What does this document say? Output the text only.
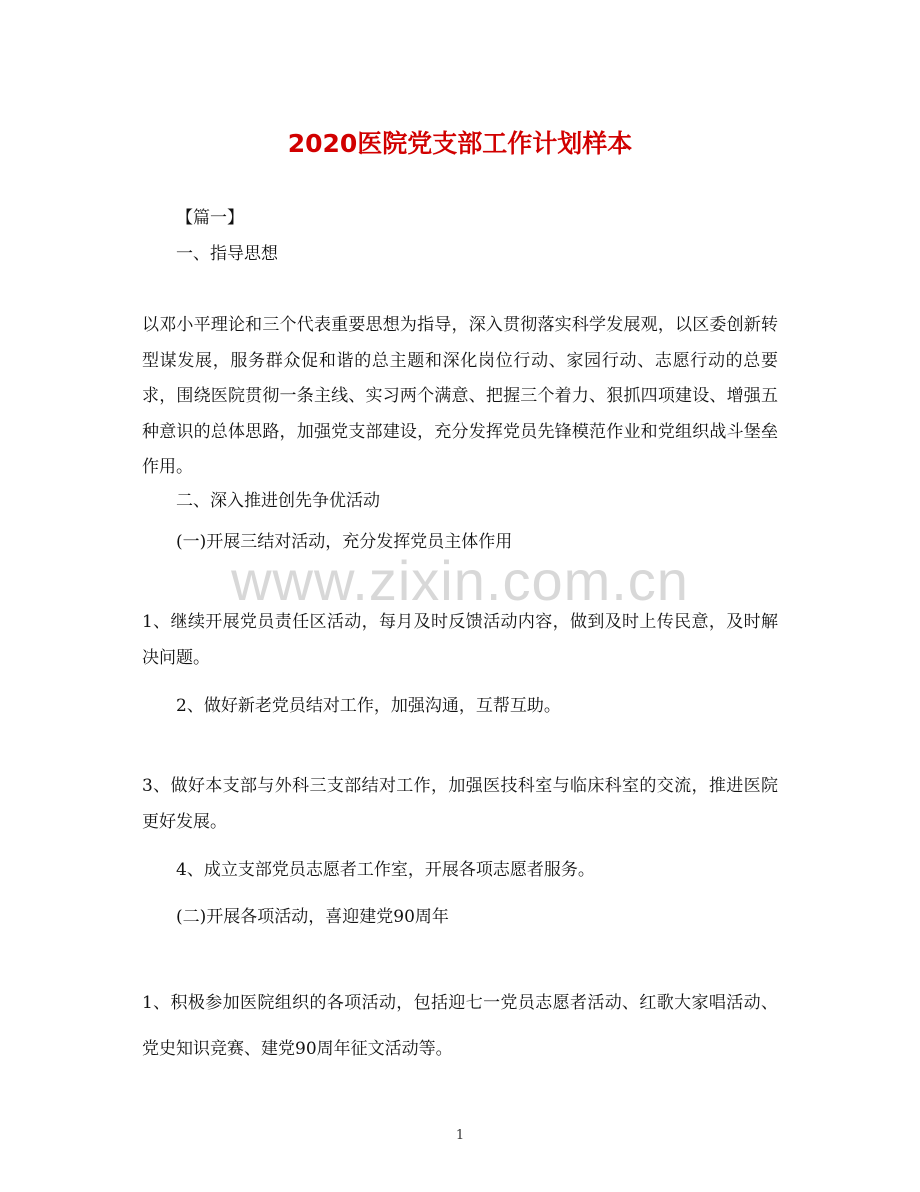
2020医院党支部工作计划样本
【篇一】
一、指导思想
以邓小平理论和三个代表重要思想为指导，深入贯彻落实科学发展观，以区委创新转型谋发展，服务群众促和谐的总主题和深化岗位行动、家园行动、志愿行动的总要求，围绕医院贯彻一条主线、实习两个满意、把握三个着力、狠抓四项建设、增强五种意识的总体思路，加强党支部建设，充分发挥党员先锋模范作业和党组织战斗堡垒作用。
二、深入推进创先争优活动
(一)开展三结对活动，充分发挥党员主体作用
www.zixin.com.cn
1、继续开展党员责任区活动，每月及时反馈活动内容，做到及时上传民意，及时解决问题。
2、做好新老党员结对工作，加强沟通，互帮互助。
3、做好本支部与外科三支部结对工作，加强医技科室与临床科室的交流，推进医院更好发展。
4、成立支部党员志愿者工作室，开展各项志愿者服务。
(二)开展各项活动，喜迎建党90周年
1、积极参加医院组织的各项活动，包括迎七一党员志愿者活动、红歌大家唱活动、党史知识竞赛、建党90周年征文活动等。
1
